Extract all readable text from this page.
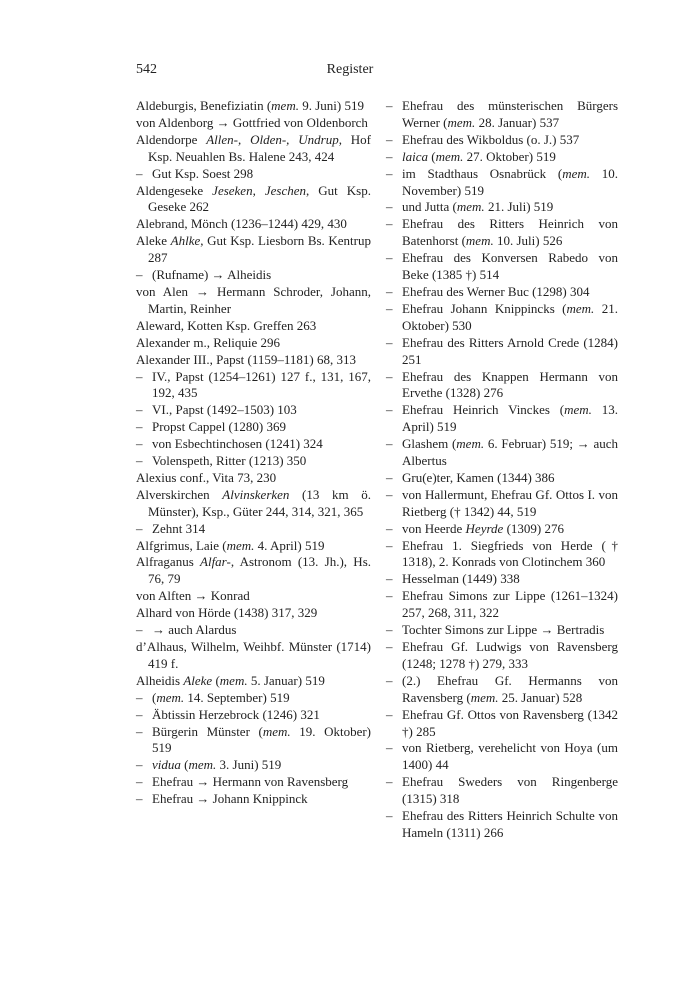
542	Register

Aldeburgis, Benefiziatin (mem. 9. Juni) 519

von Aldenborg → Gottfried von Oldenborch

Aldendorpe Allen-, Olden-, Undrup, Hof Ksp. Neuahlen Bs. Halene 243, 424

– Gut Ksp. Soest 298

Aldengeseke Jeseken, Jeschen, Gut Ksp. Geseke 262

Alebrand, Mönch (1236–1244) 429, 430

Aleke Ahlke, Gut Ksp. Liesborn Bs. Kentrup 287

– (Rufname) → Alheidis

von Alen → Hermann Schroder, Johann, Martin, Reinher

Aleward, Kotten Ksp. Greffen 263

Alexander m., Reliquie 296

Alexander III., Papst (1159–1181) 68, 313

– IV., Papst (1254–1261) 127 f., 131, 167, 192, 435

– VI., Papst (1492–1503) 103

– Propst Cappel (1280) 369

– von Esbechtinchosen (1241) 324

– Volenspeth, Ritter (1213) 350

Alexius conf., Vita 73, 230

Alverskirchen Alvinskerken (13 km ö. Münster), Ksp., Güter 244, 314, 321, 365

– Zehnt 314

Alfgrimus, Laie (mem. 4. April) 519

Alfraganus Alfar-, Astronom (13. Jh.), Hs. 76, 79

von Alften → Konrad

Alhard von Hörde (1438) 317, 329

– → auch Alardus

d’Alhaus, Wilhelm, Weihbf. Münster (1714) 419 f.

Alheidis Aleke (mem. 5. Januar) 519

– (mem. 14. September) 519

– Äbtissin Herzebrock (1246) 321

– Bürgerin Münster (mem. 19. Oktober) 519

– vidua (mem. 3. Juni) 519

– Ehefrau → Hermann von Ravensberg

– Ehefrau → Johann Knippinck

– Ehefrau des münsterischen Bürgers Werner (mem. 28. Januar) 537

– Ehefrau des Wikboldus (o. J.) 537

– laica (mem. 27. Oktober) 519

– im Stadthaus Osnabrück (mem. 10. November) 519

– und Jutta (mem. 21. Juli) 519

– Ehefrau des Ritters Heinrich von Batenhorst (mem. 10. Juli) 526

– Ehefrau des Konversen Rabedo von Beke (1385 †) 514

– Ehefrau des Werner Buc (1298) 304

– Ehefrau Johann Knippincks (mem. 21. Oktober) 530

– Ehefrau des Ritters Arnold Crede (1284) 251

– Ehefrau des Knappen Hermann von Ervethe (1328) 276

– Ehefrau Heinrich Vinckes (mem. 13. April) 519

– Glashem (mem. 6. Februar) 519; → auch Albertus

– Gru(e)ter, Kamen (1344) 386

– von Hallermunt, Ehefrau Gf. Ottos I. von Rietberg († 1342) 44, 519

– von Heerde Heyrde (1309) 276

– Ehefrau 1. Siegfrieds von Herde († 1318), 2. Konrads von Clotinchem 360

– Hesselman (1449) 338

– Ehefrau Simons zur Lippe (1261–1324) 257, 268, 311, 322

– Tochter Simons zur Lippe → Bertradis

– Ehefrau Gf. Ludwigs von Ravensberg (1248; 1278 †) 279, 333

– (2.) Ehefrau Gf. Hermanns von Ravensberg (mem. 25. Januar) 528

– Ehefrau Gf. Ottos von Ravensberg (1342 †) 285

– von Rietberg, verehelicht von Hoya (um 1400) 44

– Ehefrau Sweders von Ringenberge (1315) 318

– Ehefrau des Ritters Heinrich Schulte von Hameln (1311) 266
